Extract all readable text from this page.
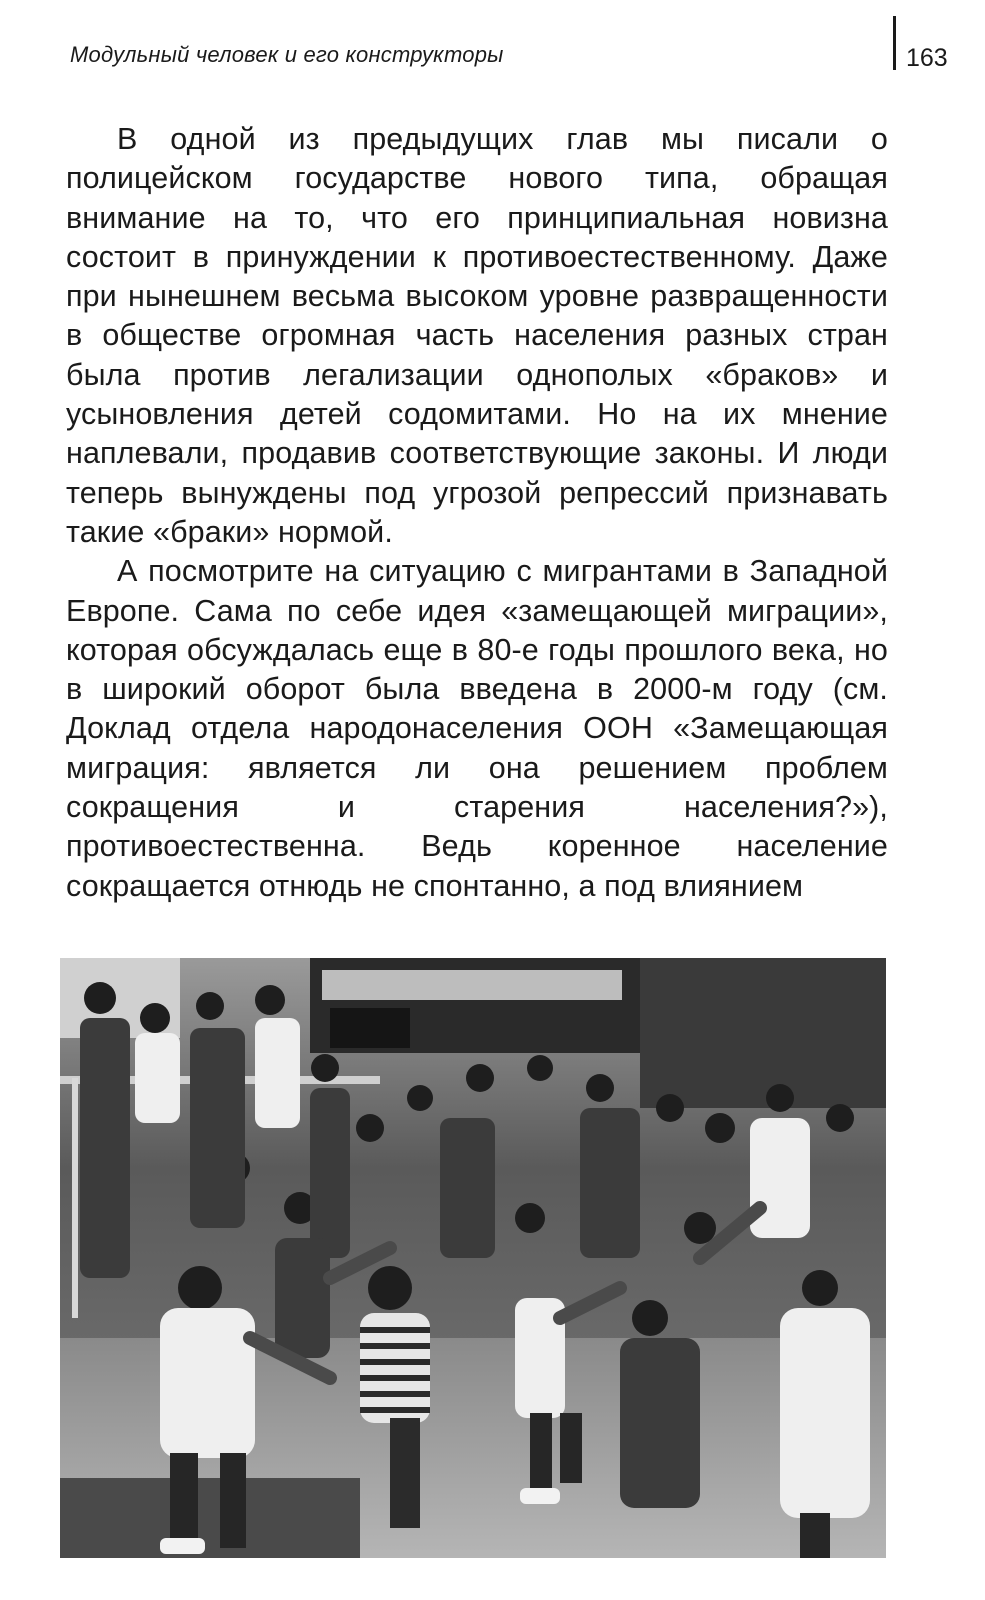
Модульный человек и его конструкторы	163

В одной из предыдущих глав мы писали о полицейском государстве нового типа, обращая внимание на то, что его принципиальная новизна состоит в принуждении к противоестественному. Даже при нынешнем весьма высоком уровне развращенности в обществе огромная часть населения разных стран была против легализации однополых «браков» и усыновления детей содомитами. Но на их мнение наплевали, продавив соответствующие законы. И люди теперь вынуждены под угрозой репрессий признавать такие «браки» нормой.

А посмотрите на ситуацию с мигрантами в Западной Европе. Сама по себе идея «замещающей миграции», которая обсуждалась еще в 80-е годы прошлого века, но в широкий оборот была введена в 2000-м году (см. Доклад отдела народонаселения ООН «Замещающая миграция: является ли она решением проблем сокращения и старения населения?»), противоестественна. Ведь коренное население сокращается отнюдь не спонтанно, а под влиянием
